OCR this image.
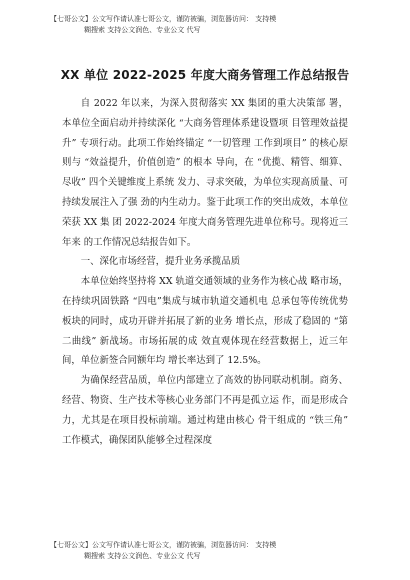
【七哥公文】公文写作请认准七哥公文，谨防被骗，浏览器访问： 支持模
糊搜索 支持公文润色、专业公文 代写
XX 单位 2022-2025 年度大商务管理工作总结报告

自 2022 年以来，为深入贯彻落实 XX 集团的重大决策部 署，本单位全面启动并持续深化 “大商务管理体系建设暨项 目管理效益提升” 专项行动。此项工作始终锚定 “一切管理 工作到项目” 的核心原则与 “效益提升，价值创造” 的根本 导向，在 “优揽、精管、细算、尽收” 四个关键维度上系统 发力、寻求突破，为单位实现高质量、可持续发展注入了强 劲的内生动力。鉴于此项工作的突出成效，本单位荣获 XX 集 团 2022-2024 年度大商务管理先进单位称号。现将近三年来 的工作情况总结报告如下。

一、深化市场经营，提升业务承揽品质

本单位始终坚持将 XX 轨道交通领域的业务作为核心战 略市场，在持续巩固铁路 “四电”集成与城市轨道交通机电 总承包等传统优势板块的同时，成功开辟并拓展了新的业务 增长点，形成了稳固的 “第二曲线” 新战场。市场拓展的成 效直观体现在经营数据上，近三年间，单位新签合同额年均 增长率达到了 12.5%。

为确保经营品质，单位内部建立了高效的协同联动机制。商务、经营、物资、生产技术等核心业务部门不再是孤立运 作，而是形成合力，尤其是在项目投标前端。通过构建由核心 骨干组成的 “铁三角” 工作模式，确保团队能够全过程深度

【七哥公文】公文写作请认准七哥公文，谨防被骗，浏览器访问： 支持模
糊搜索 支持公文润色、专业公文 代写
